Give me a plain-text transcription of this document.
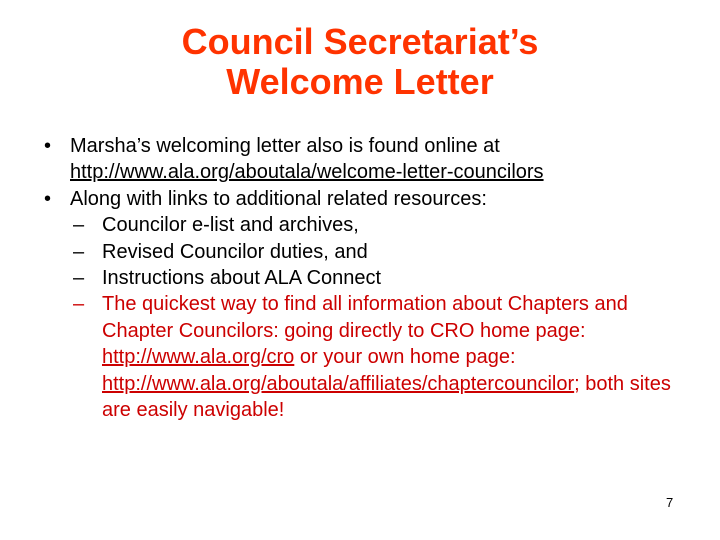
Council Secretariat’s
Welcome Letter
• Marsha’s welcoming letter also is found online at
http://www.ala.org/aboutala/welcome-letter-councilors
• Along with links to additional related resources:
– Councilor e-list and archives,
– Revised Councilor duties, and
– Instructions about ALA Connect
– The quickest way to find all information about Chapters and Chapter Councilors: going directly to CRO home page: http://www.ala.org/cro or your own home page: http://www.ala.org/aboutala/affiliates/chaptercouncilor; both sites are easily navigable!
7
